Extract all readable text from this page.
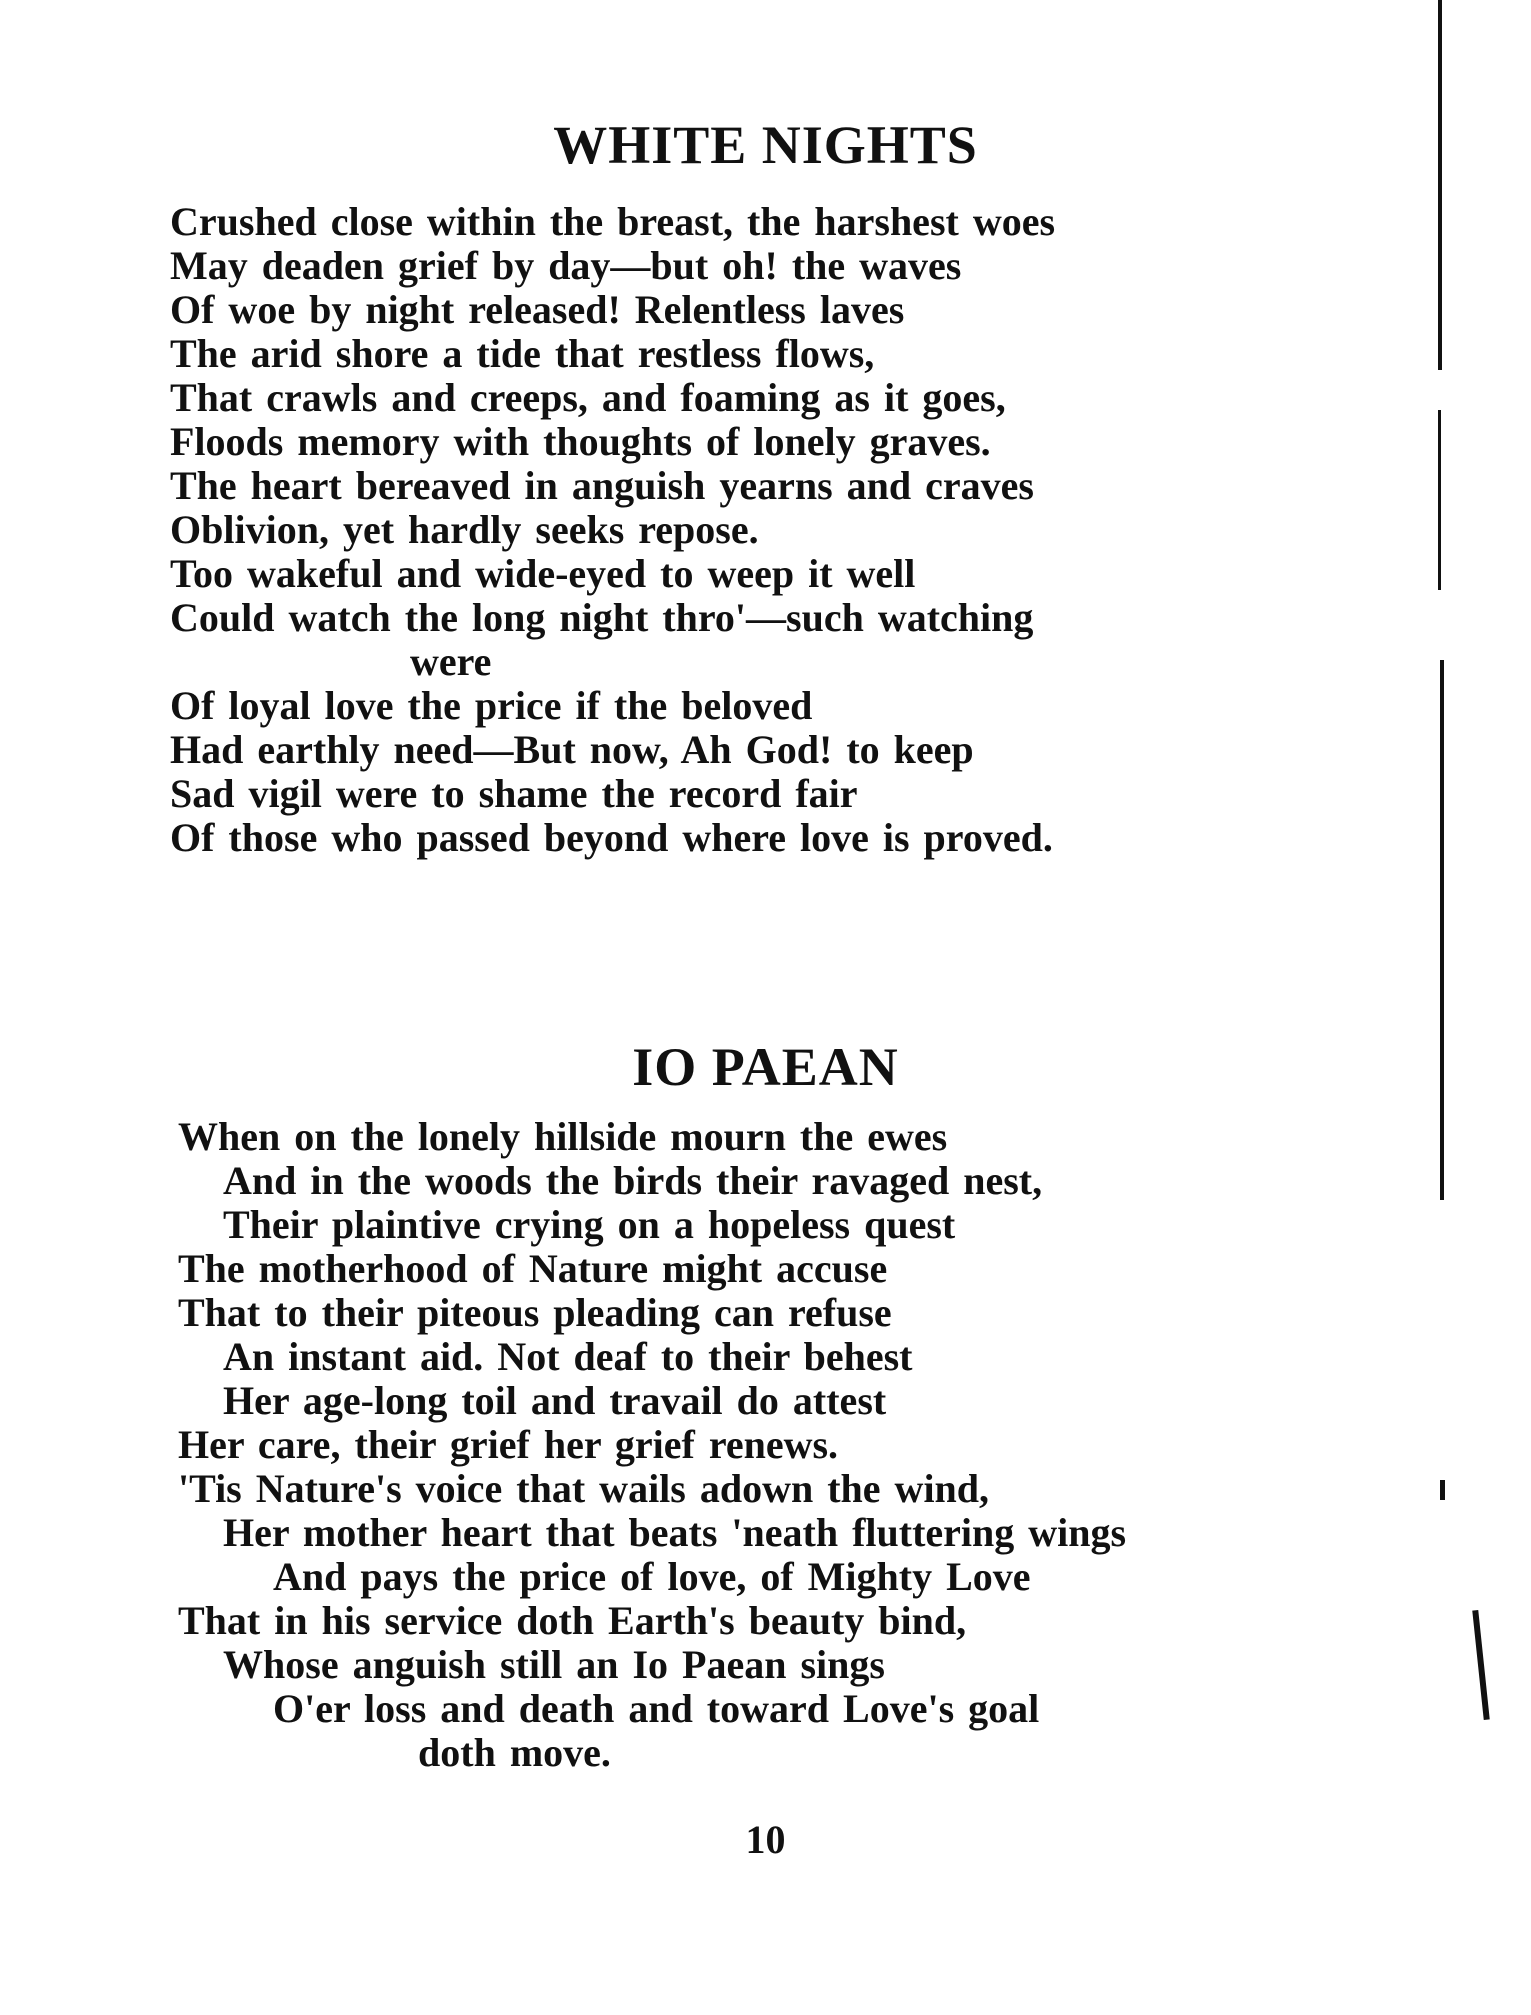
WHITE NIGHTS
Crushed close within the breast, the harshest woes
May deaden grief by day—but oh! the waves
Of woe by night released! Relentless laves
The arid shore a tide that restless flows,
That crawls and creeps, and foaming as it goes,
Floods memory with thoughts of lonely graves.
The heart bereaved in anguish yearns and craves
Oblivion, yet hardly seeks repose.
Too wakeful and wide-eyed to weep it well
Could watch the long night thro'—such watching
were
Of loyal love the price if the beloved
Had earthly need—But now, Ah God! to keep
Sad vigil were to shame the record fair
Of those who passed beyond where love is proved.
IO PAEAN
When on the lonely hillside mourn the ewes
And in the woods the birds their ravaged nest,
Their plaintive crying on a hopeless quest
The motherhood of Nature might accuse
That to their piteous pleading can refuse
An instant aid. Not deaf to their behest
Her age-long toil and travail do attest
Her care, their grief her grief renews.
'Tis Nature's voice that wails adown the wind,
Her mother heart that beats 'neath fluttering wings
And pays the price of love, of Mighty Love
That in his service doth Earth's beauty bind,
Whose anguish still an Io Paean sings
O'er loss and death and toward Love's goal
doth move.
10
